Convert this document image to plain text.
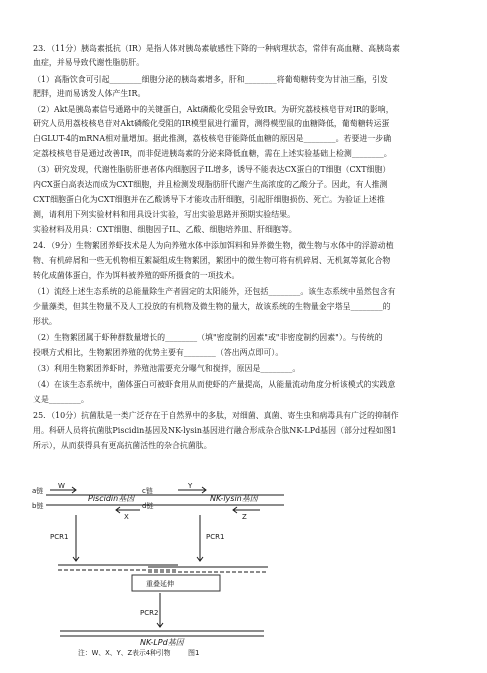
23．（11分）胰岛素抵抗（IR）是指人体对胰岛素敏感性下降的一种病理状态，常伴有高血糖、高胰岛素
血症，并易导致代谢性脂肪肝。
（1）高脂饮食可引起________细胞分泌的胰岛素增多，肝和________将葡萄糖转变为甘油三酯，引发
肥胖，进而易诱发人体产生IR。
（2）Akt是胰岛素信号通路中的关键蛋白，Akt磷酸化受阻会导致IR。为研究荔枝核皂苷对IR的影响，
研究人员用荔枝核皂苷对Akt磷酸化受阻的IR模型鼠进行灌胃，测得模型鼠的血糖降低，葡萄糖转运蛋
白GLUT-4的mRNA相对量增加。据此推测，荔枝核皂苷能降低血糖的原因是________。若要进一步确
定荔枝核皂苷是通过改善IR，而非促进胰岛素的分泌来降低血糖，需在上述实验基础上检测________。
（3）研究发现，代谢性脂肪肝患者体内细胞因子IL增多，诱导不能表达CX蛋白的T细胞（CXT细胞）
内CX蛋白高表达而成为CXT细胞，并且检测发现脂肪肝代谢产生高浓度的乙酸分子。因此，有人推测
CXT细胞蛋白化为CXT细胞并在乙酸诱导下才能攻击肝细胞，引起肝细胞损伤、死亡。为验证上述推
测，请利用下列实验材料和用具设计实验，写出实验思路并预期实验结果。
实验材料及用具：CXT细胞、细胞因子IL、乙酸、细胞培养皿、肝细胞等。
24．（9分）生物絮团养虾技术是人为向养殖水体中添加饵料和异养微生物，微生物与水体中的浮游动植
物、有机碎屑和一些无机物相互絮凝组成生物絮团，絮团中的微生物可将有机碎屑、无机氮等氮化合物
转化成菌体蛋白，作为饵料被养殖的虾所摄食的一项技术。
（1）流经上述生态系统的总能量除生产者固定的太阳能外，还包括________。该生态系统中虽然包含有
少量藻类，但其生物量不及人工投放的有机物及微生物的量大，故该系统的生物量金字塔呈________的
形状。
（2）生物絮团属于虾种群数量增长的________（填"密度制约因素"或"非密度制约因素"）。与传统的
投喂方式相比，生物絮团养殖的优势主要有________（答出两点即可）。
（3）利用生物絮团养虾时，养殖池需要充分曝气和搅拌，原因是________。
（4）在该生态系统中，菌体蛋白可被虾食用从而使虾的产量提高，从能量流动角度分析该模式的实践意
义是________。
25．（10分）抗菌肽是一类广泛存在于自然界中的多肽，对细菌、真菌、寄生虫和病毒具有广泛的抑制作
用。科研人员将抗菌肽Piscidin基因及NK-lysin基因进行融合形成杂合肽NK-LPd基因（部分过程如图1
所示），从而获得具有更高抗菌活性的杂合抗菌肽。
a链
b链
W
Piscidin基因
X
c链
d链
Y
NK-lysin基因
Z
PCR1	PCR1
重叠延伸
PCR2
NK-LPd基因
注：W、X、Y、Z表示4种引物	图1
